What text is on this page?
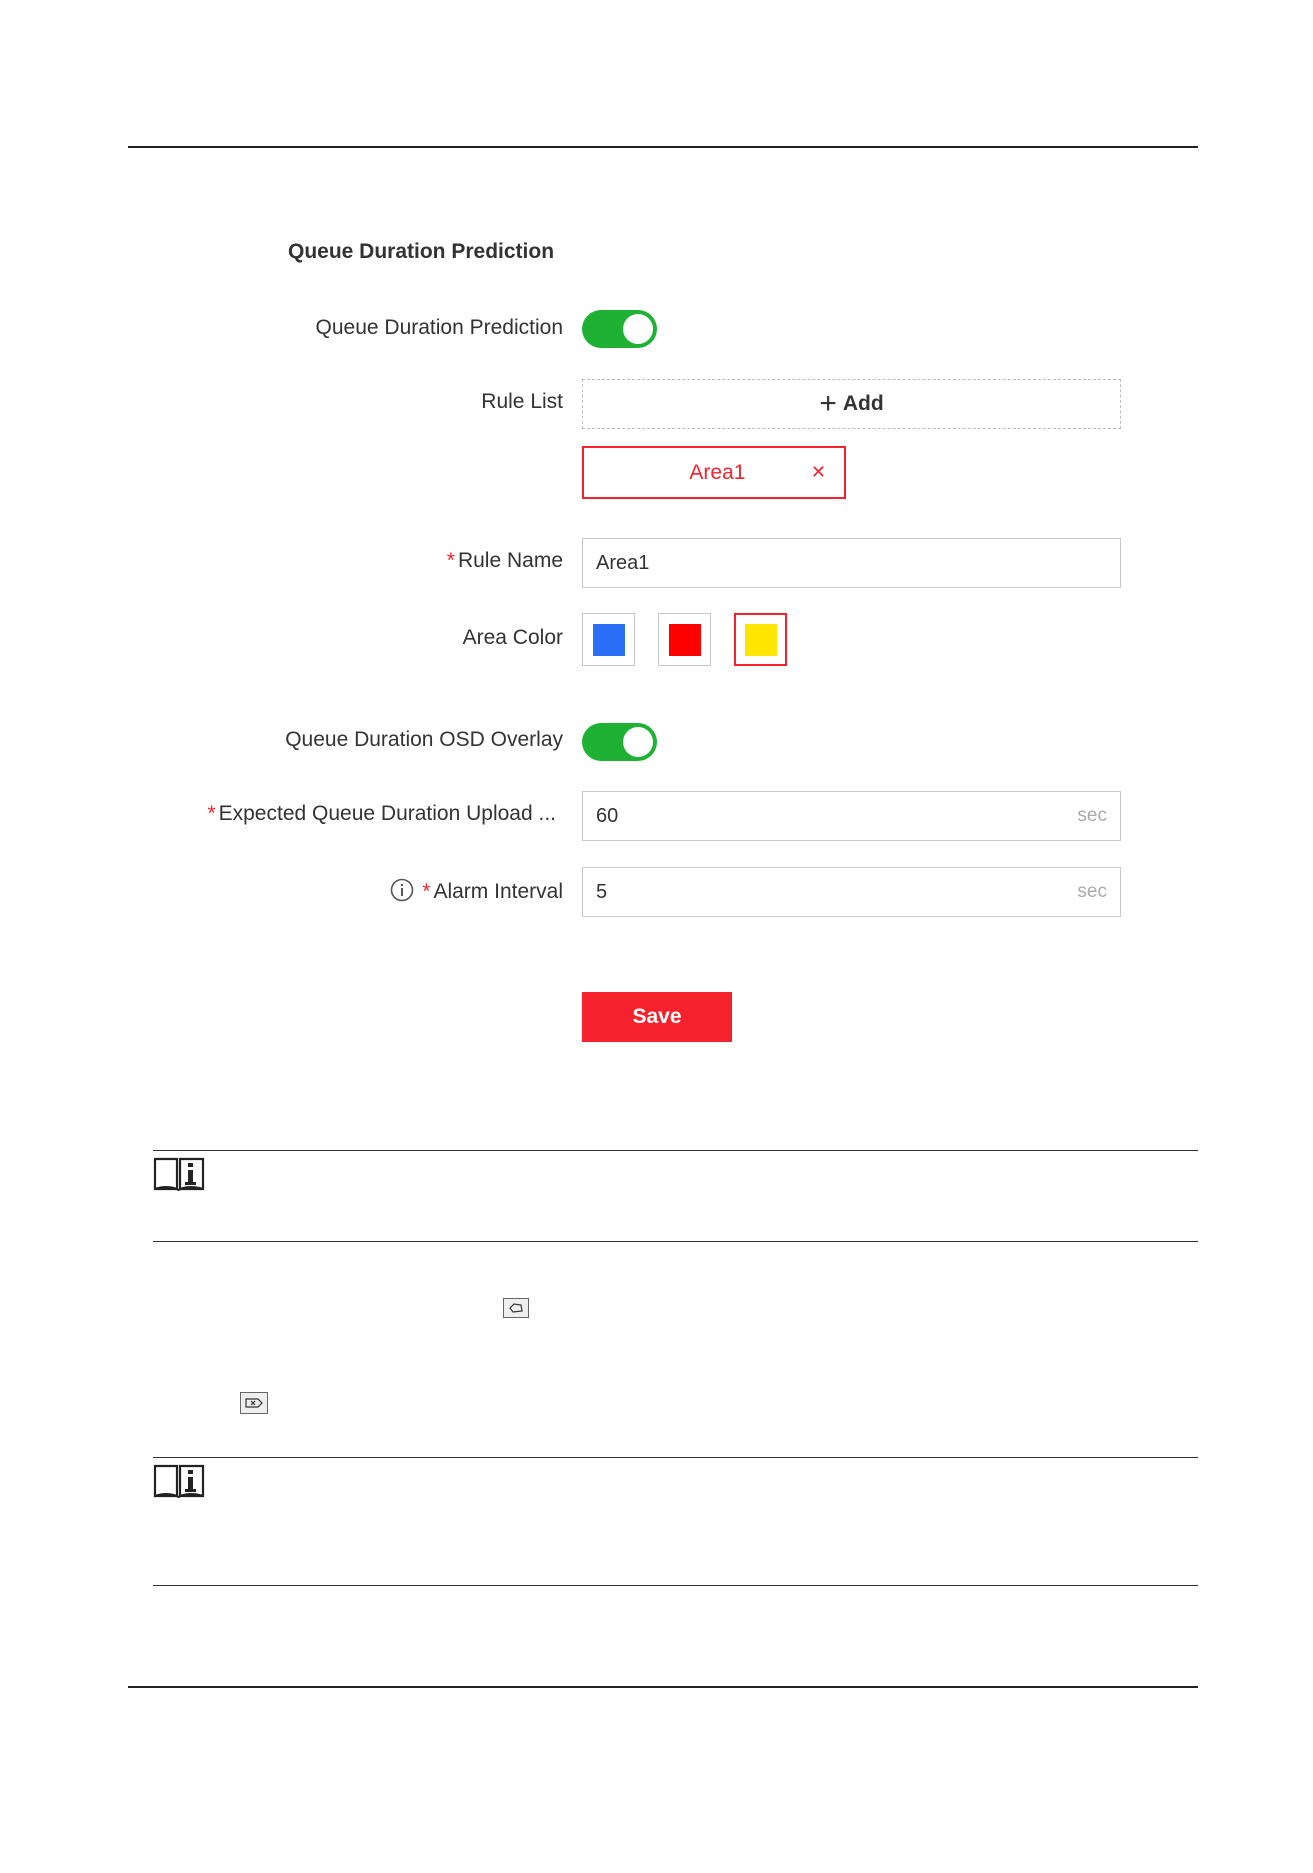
Queue Duration Prediction
Queue Duration Prediction
Rule List	+ Add
Area1	✕
* Rule Name Area1
Area Color
Queue Duration OSD Overlay
* Expected Queue Duration Upload ... 60	sec
* Alarm Interval 5	sec
Save
